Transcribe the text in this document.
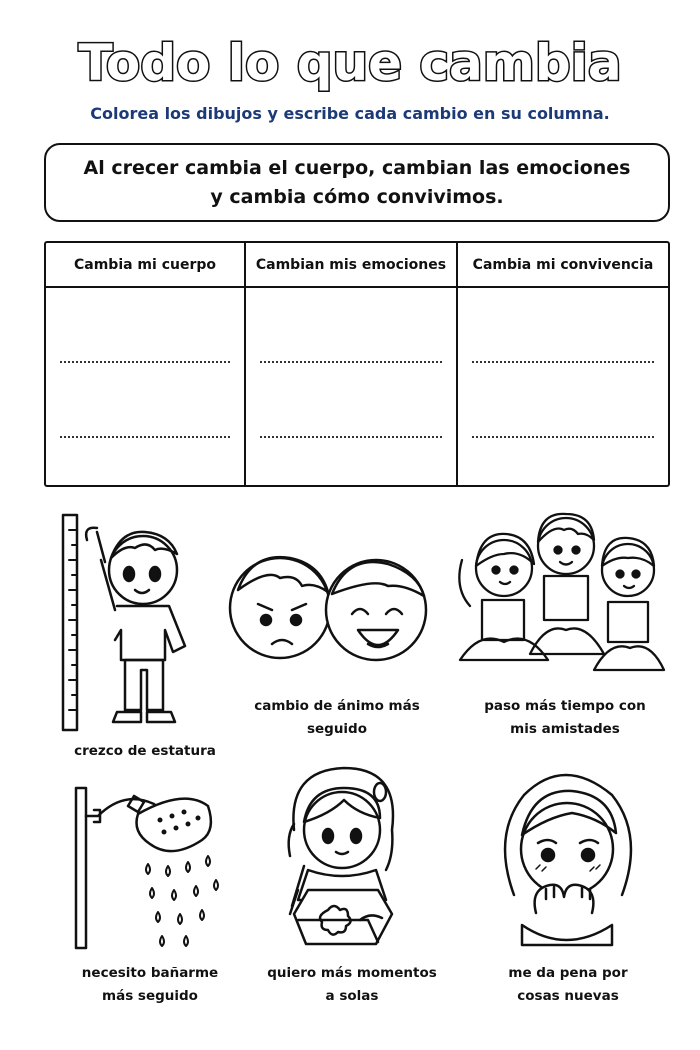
Todo lo que cambia
Colorea los dibujos y escribe cada cambio en su columna.
Al crecer cambia el cuerpo, cambian las emociones
y cambia cómo convivimos.
Cambia mi cuerpo	Cambian mis emociones	Cambia mi convivencia
crezco de estatura
cambio de ánimo más seguido
paso más tiempo con
mis amistades
necesito bañarme
más seguido
quiero más momentos
a solas
me da pena por
cosas nuevas
